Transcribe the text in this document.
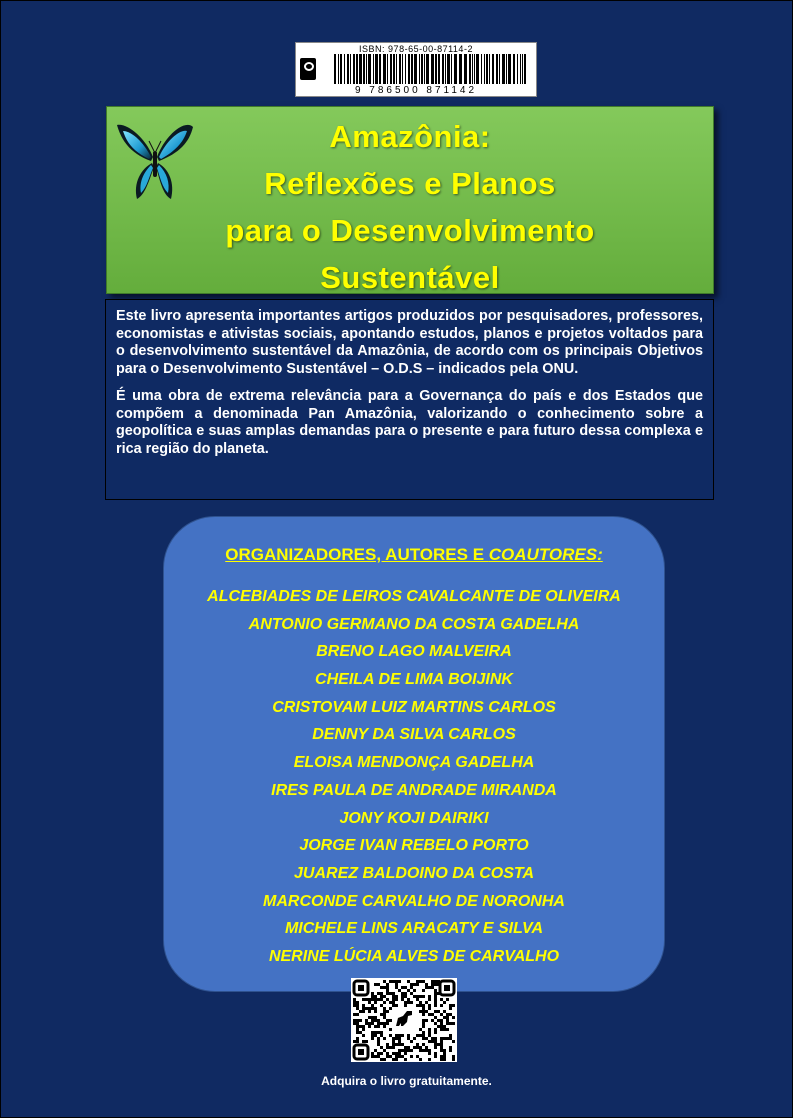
ISBN: 978-65-00-87114-2
9 786500 871142
Amazônia:
Reflexões e Planos
para o Desenvolvimento
Sustentável

Este livro apresenta importantes artigos produzidos por pesquisadores, professores, economistas e ativistas sociais, apontando estudos, planos e projetos voltados para o desenvolvimento sustentável da Amazônia, de acordo com os principais Objetivos para o Desenvolvimento Sustentável – O.D.S – indicados pela ONU.

É uma obra de extrema relevância para a Governança do país e dos Estados que compõem a denominada Pan Amazônia, valorizando o conhecimento sobre a geopolítica e suas amplas demandas para o presente e para futuro dessa complexa e rica região do planeta.

ORGANIZADORES, AUTORES E COAUTORES:
ALCEBIADES DE LEIROS CAVALCANTE DE OLIVEIRA
ANTONIO GERMANO DA COSTA GADELHA
BRENO LAGO MALVEIRA
CHEILA DE LIMA BOIJINK
CRISTOVAM LUIZ MARTINS CARLOS
DENNY DA SILVA CARLOS
ELOISA MENDONÇA GADELHA
IRES PAULA DE ANDRADE MIRANDA
JONY KOJI DAIRIKI
JORGE IVAN REBELO PORTO
JUAREZ BALDOINO DA COSTA
MARCONDE CARVALHO DE NORONHA
MICHELE LINS ARACATY E SILVA
NERINE LÚCIA ALVES DE CARVALHO
Adquira o livro gratuitamente.
